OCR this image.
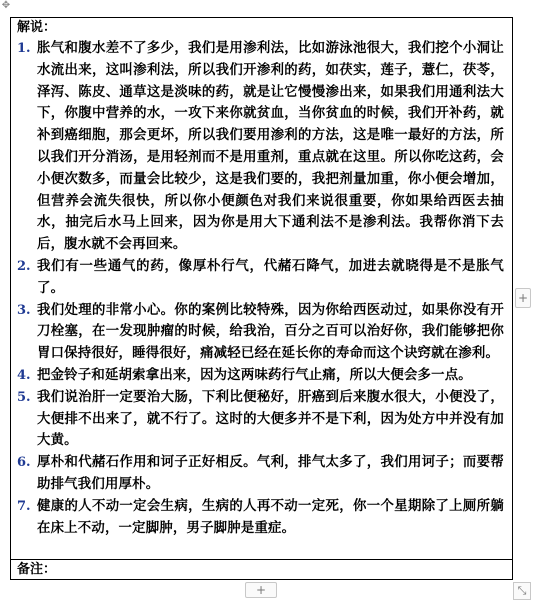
✥
解说：
1. 胀气和腹水差不了多少，我们是用渗利法，比如游泳池很大，我们挖个小洞让水流出来，这叫渗利法，所以我们开渗利的药，如茯实，莲子，薏仁，茯苓，泽泻、陈皮、通草这是淡味的药，就是让它慢慢渗出来，如果我们用通利法大下，你腹中营养的水，一攻下来你就贫血，当你贫血的时候，我们开补药，就补到癌细胞，那会更坏，所以我们要用渗利的方法，这是唯一最好的方法，所以我们开分消汤，是用轻剂而不是用重剂，重点就在这里。所以你吃这药，会小便次数多，而量会比较少，这是我们要的，我把剂量加重，你小便会增加，但营养会流失很快，所以你小便颜色对我们来说很重要，你如果给西医去抽水，抽完后水马上回来，因为你是用大下通利法不是渗利法。我帮你消下去后，腹水就不会再回来。
2. 我们有一些通气的药，像厚朴行气，代赭石降气，加进去就晓得是不是胀气了。
3. 我们处理的非常小心。你的案例比较特殊，因为你给西医动过，如果你没有开刀栓塞，在一发现肿瘤的时候，给我治，百分之百可以治好你，我们能够把你胃口保持很好，睡得很好，痛减轻已经在延长你的寿命而这个诀窍就在渗利。
4. 把金铃子和延胡索拿出来，因为这两味药行气止痛，所以大便会多一点。
5. 我们说治肝一定要治大肠，下利比便秘好，肝癌到后来腹水很大，小便没了，大便排不出来了，就不行了。这时的大便多并不是下利，因为处方中并没有加大黄。
6. 厚朴和代赭石作用和诃子正好相反。气利，排气太多了，我们用诃子；而要帮助排气我们用厚朴。
7. 健康的人不动一定会生病，生病的人再不动一定死，你一个星期除了上厕所躺在床上不动，一定脚肿，男子脚肿是重症。
备注：
+
+	⤡
